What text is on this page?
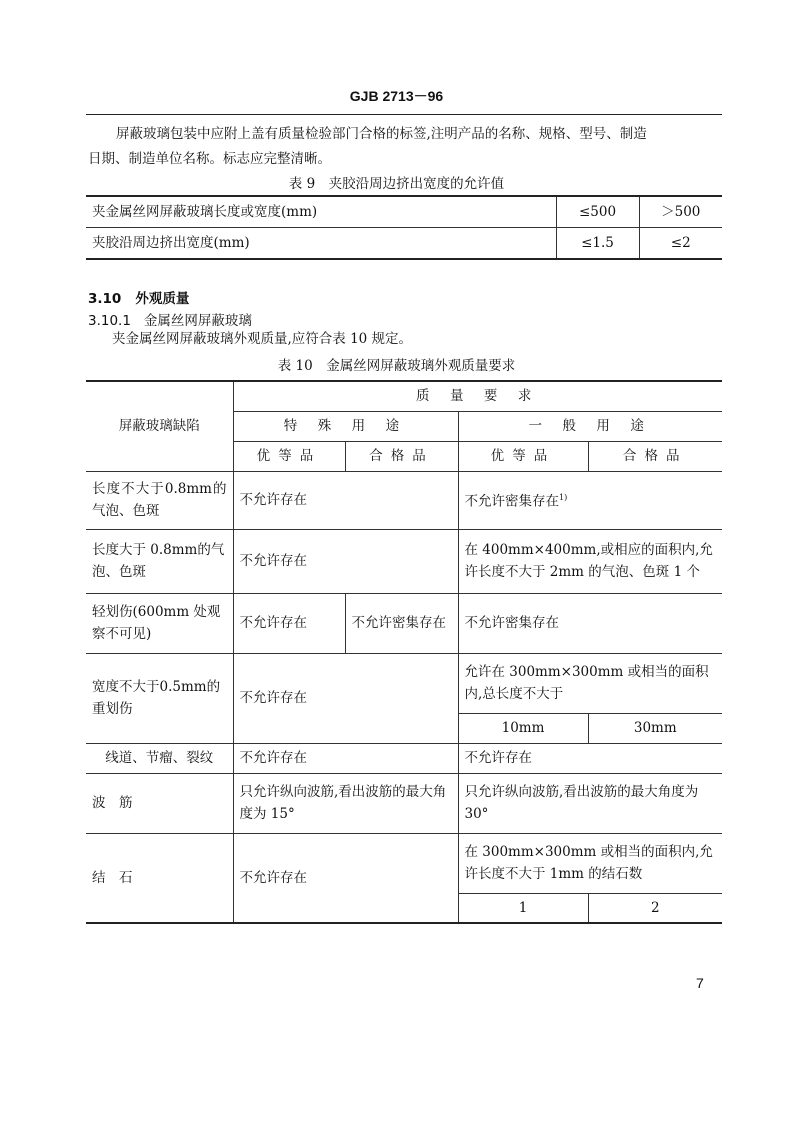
GJB 2713－96
屏蔽玻璃包装中应附上盖有质量检验部门合格的标签,注明产品的名称、规格、型号、制造
日期、制造单位名称。标志应完整清晰。
表 9　夹胶沿周边挤出宽度的允许值
夹金属丝网屏蔽玻璃长度或宽度(mm)	≤500	＞500
夹胶沿周边挤出宽度(mm)	≤1.5	≤2
3.10 外观质量
3.10.1 金属丝网屏蔽玻璃
夹金属丝网屏蔽玻璃外观质量,应符合表 10 规定。
表 10　金属丝网屏蔽玻璃外观质量要求
屏蔽玻璃缺陷	质 量 要 求			
	特 殊 用 途		一 般 用 途	
	优等品	合格品	优等品	合格品
长度不大于0.8mm的气泡、色斑	不允许存在		不允许密集存在$^{1)}$
长度大于 0.8mm的气泡、色斑	不允许存在		在 400mm×400mm,或相应的面积内,允许长度不大于 2mm 的气泡、色斑 1 个	
轻划伤(600mm 处观察不可见)	不允许存在	不允许密集存在	不允许密集存在	
宽度不大于0.5mm的重划伤	不允许存在		允许在 300mm×300mm 或相当的面积内,总长度不大于	
			10mm	30mm
线道、节瘤、裂纹	不允许存在		不允许存在	
波　筋	只允许纵向波筋,看出波筋的最大角度为 15°		只允许纵向波筋,看出波筋的最大角度为 30°	
结　石	不允许存在		在 300mm×300mm 或相当的面积内,允许长度不大于 1mm 的结石数	
			1	2
7
